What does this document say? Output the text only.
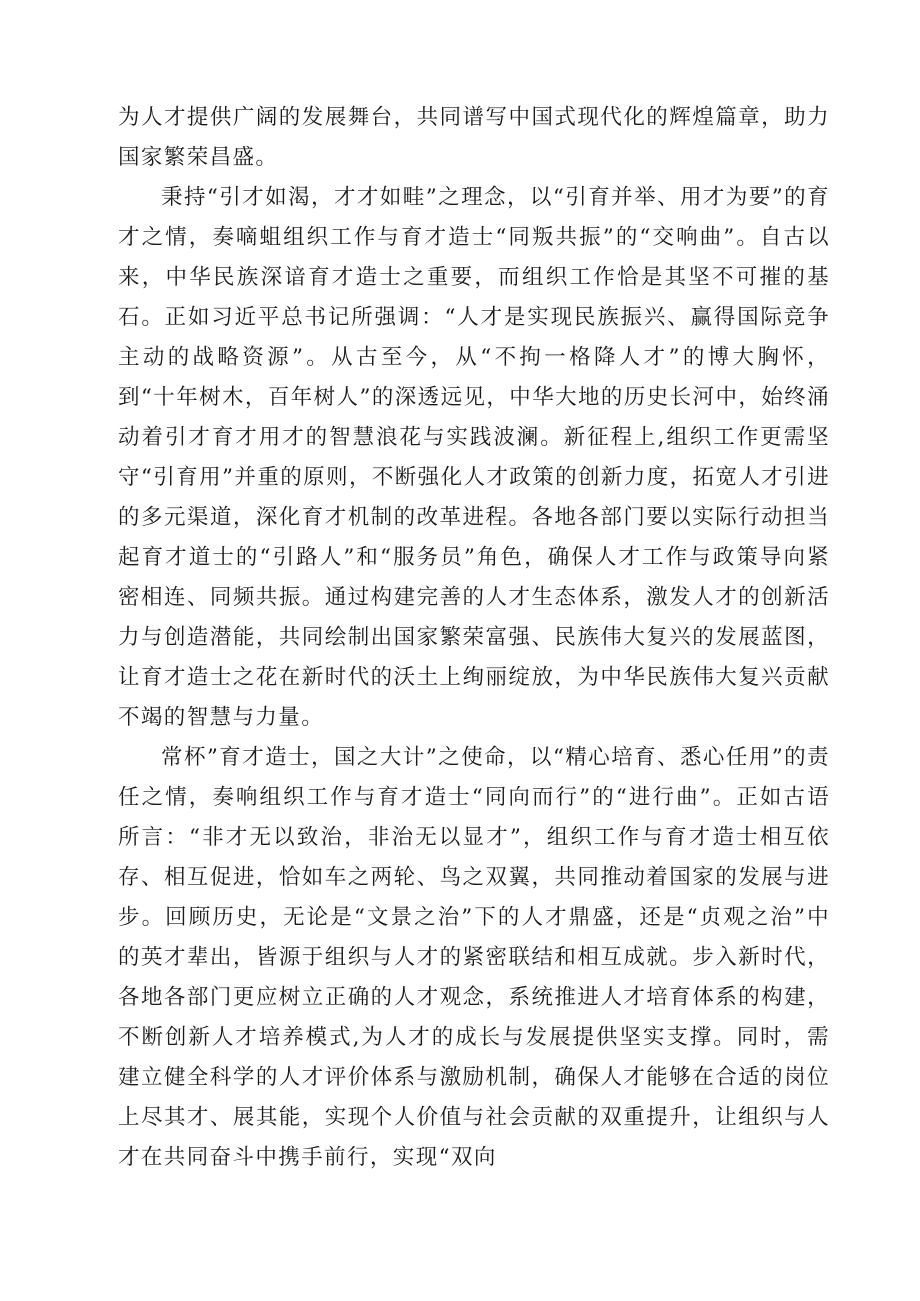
为人才提供广阔的发展舞台，共同谱写中国式现代化的辉煌篇章，助力国家繁荣昌盛。

秉持“引才如渴，才才如畦”之理念，以“引育并举、用才为要”的育才之情，奏嘀蛆组织工作与育才造士“同叛共振”的“交响曲”。自古以来，中华民族深谙育才造士之重要，而组织工作恰是其坚不可摧的基石。正如习近平总书记所强调：“人才是实现民族振兴、赢得国际竞争主动的战略资源”。从古至今，从“不拘一格降人才”的博大胸怀，到“十年树木，百年树人”的深透远见，中华大地的历史长河中，始终涌动着引才育才用才的智慧浪花与实践波澜。新征程上,组织工作更需坚守“引育用”并重的原则，不断强化人才政策的创新力度，拓宽人才引进的多元渠道，深化育才机制的改革进程。各地各部门要以实际行动担当起育才道士的“引路人”和“服务员”角色，确保人才工作与政策导向紧密相连、同频共振。通过构建完善的人才生态体系，激发人才的创新活力与创造潜能，共同绘制出国家繁荣富强、民族伟大复兴的发展蓝图，让育才造士之花在新时代的沃土上绚丽绽放，为中华民族伟大复兴贡献不竭的智慧与力量。

常杯”育才造士，国之大计”之使命，以“精心培育、悉心任用”的责任之情，奏响组织工作与育才造士“同向而行”的“进行曲”。正如古语所言：“非才无以致治，非治无以显才”，组织工作与育才造士相互依存、相互促进，恰如车之两轮、鸟之双翼，共同推动着国家的发展与进步。回顾历史，无论是“文景之治”下的人才鼎盛，还是“贞观之治”中的英才辈出，皆源于组织与人才的紧密联结和相互成就。步入新时代，各地各部门更应树立正确的人才观念，系统推进人才培育体系的构建，不断创新人才培养模式,为人才的成长与发展提供坚实支撑。同时，需建立健全科学的人才评价体系与激励机制，确保人才能够在合适的岗位上尽其才、展其能，实现个人价值与社会贡献的双重提升，让组织与人才在共同奋斗中携手前行，实现“双向
